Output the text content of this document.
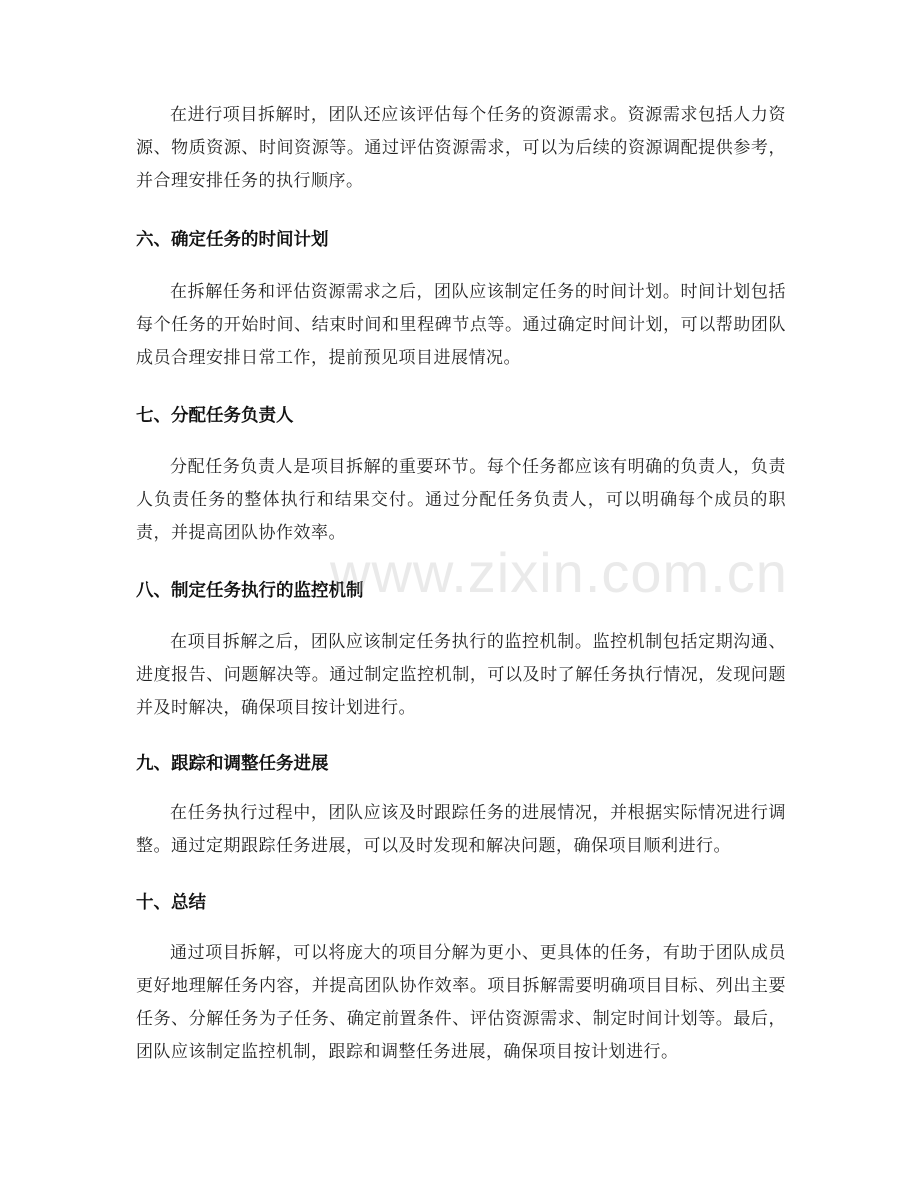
在进行项目拆解时，团队还应该评估每个任务的资源需求。资源需求包括人力资源、物质资源、时间资源等。通过评估资源需求，可以为后续的资源调配提供参考，并合理安排任务的执行顺序。

六、确定任务的时间计划

在拆解任务和评估资源需求之后，团队应该制定任务的时间计划。时间计划包括每个任务的开始时间、结束时间和里程碑节点等。通过确定时间计划，可以帮助团队成员合理安排日常工作，提前预见项目进展情况。

七、分配任务负责人

分配任务负责人是项目拆解的重要环节。每个任务都应该有明确的负责人，负责人负责任务的整体执行和结果交付。通过分配任务负责人，可以明确每个成员的职责，并提高团队协作效率。

八、制定任务执行的监控机制

在项目拆解之后，团队应该制定任务执行的监控机制。监控机制包括定期沟通、进度报告、问题解决等。通过制定监控机制，可以及时了解任务执行情况，发现问题并及时解决，确保项目按计划进行。

九、跟踪和调整任务进展

在任务执行过程中，团队应该及时跟踪任务的进展情况，并根据实际情况进行调整。通过定期跟踪任务进展，可以及时发现和解决问题，确保项目顺利进行。

十、总结

通过项目拆解，可以将庞大的项目分解为更小、更具体的任务，有助于团队成员更好地理解任务内容，并提高团队协作效率。项目拆解需要明确项目目标、列出主要任务、分解任务为子任务、确定前置条件、评估资源需求、制定时间计划等。最后，团队应该制定监控机制，跟踪和调整任务进展，确保项目按计划进行。

www.zixin.com.cn
